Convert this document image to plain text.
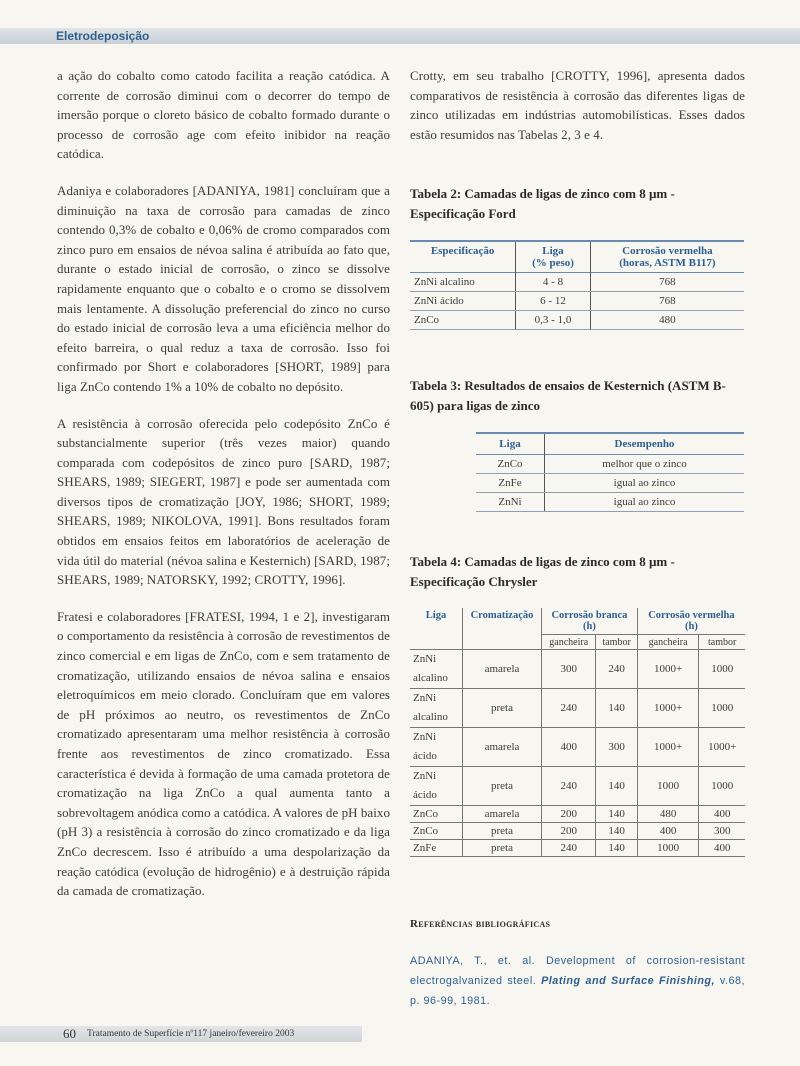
Eletrodeposição

a ação do cobalto como catodo facilita a reação catódica. A corrente de corrosão diminui com o decorrer do tempo de imersão porque o cloreto básico de cobalto formado durante o processo de corrosão age com efeito inibidor na reação catódica.

Adaniya e colaboradores [ADANIYA, 1981] concluíram que a diminuição na taxa de corrosão para camadas de zinco contendo 0,3% de cobalto e 0,06% de cromo comparados com zinco puro em ensaios de névoa salina é atribuída ao fato que, durante o estado inicial de corrosão, o zinco se dissolve rapidamente enquanto que o cobalto e o cromo se dissolvem mais lentamente. A dissolução preferencial do zinco no curso do estado inicial de corrosão leva a uma eficiência melhor do efeito barreira, o qual reduz a taxa de corrosão. Isso foi confirmado por Short e colaboradores [SHORT, 1989] para liga ZnCo contendo 1% a 10% de cobalto no depósito.

A resistência à corrosão oferecida pelo codepósito ZnCo é substancialmente superior (três vezes maior) quando comparada com codepósitos de zinco puro [SARD, 1987; SHEARS, 1989; SIEGERT, 1987] e pode ser aumentada com diversos tipos de cromatização [JOY, 1986; SHORT, 1989; SHEARS, 1989; NIKOLOVA, 1991]. Bons resultados foram obtidos em ensaios feitos em laboratórios de aceleração de vida útil do material (névoa salina e Kesternich) [SARD, 1987; SHEARS, 1989; NATORSKY, 1992; CROTTY, 1996].

Fratesi e colaboradores [FRATESI, 1994, 1 e 2], investigaram o comportamento da resistência à corrosão de revestimentos de zinco comercial e em ligas de ZnCo, com e sem tratamento de cromatização, utilizando ensaios de névoa salina e ensaios eletroquímicos em meio clorado. Concluíram que em valores de pH próximos ao neutro, os revestimentos de ZnCo cromatizado apresentaram uma melhor resistência à corrosão frente aos revestimentos de zinco cromatizado. Essa característica é devida à formação de uma camada protetora de cromatização na liga ZnCo a qual aumenta tanto a sobrevoltagem anódica como a catódica. A valores de pH baixo (pH 3) a resistência à corrosão do zinco cromatizado e da liga ZnCo decrescem. Isso é atribuído a uma despolarização da reação catódica (evolução de hidrogênio) e à destruição rápida da camada de cromatização.

Crotty, em seu trabalho [CROTTY, 1996], apresenta dados comparativos de resistência à corrosão das diferentes ligas de zinco utilizadas em indústrias automobilísticas. Esses dados estão resumidos nas Tabelas 2, 3 e 4.

Tabela 2: Camadas de ligas de zinco com 8 µm - Especificação Ford

Especificação	Liga	Corrosão vermelha
	(% peso)	(horas, ASTM B117)
ZnNi alcalino	4 - 8	768
ZnNi ácido	6 - 12	768
ZnCo	0,3 - 1,0	480

Tabela 3: Resultados de ensaios de Kesternich (ASTM B-605) para ligas de zinco

Liga	Desempenho
ZnCo	melhor que o zinco
ZnFe	igual ao zinco
ZnNi	igual ao zinco

Tabela 4: Camadas de ligas de zinco com 8 µm - Especificação Chrysler

Liga	Cromatização	Corrosão branca		Corrosão vermelha	
		(h)		(h)	
		gancheira	tambor	gancheira	tambor
ZnNi alcalino	amarela	300	240	1000+	1000
ZnNi alcalino	preta	240	140	1000+	1000
ZnNi ácido	amarela	400	300	1000+	1000+
ZnNi ácido	preta	240	140	1000	1000
ZnCo	amarela	200	140	480	400
ZnCo	preta	200	140	400	300
ZnFe	preta	240	140	1000	400
Referências bibliográficas
ADANIYA, T., et. al. Development of corrosion-resistant electrogalvanized steel. Plating and Surface Finishing, v.68, p. 96-99, 1981.
60 Tratamento de Superfície nº117 janeiro/fevereiro 2003
